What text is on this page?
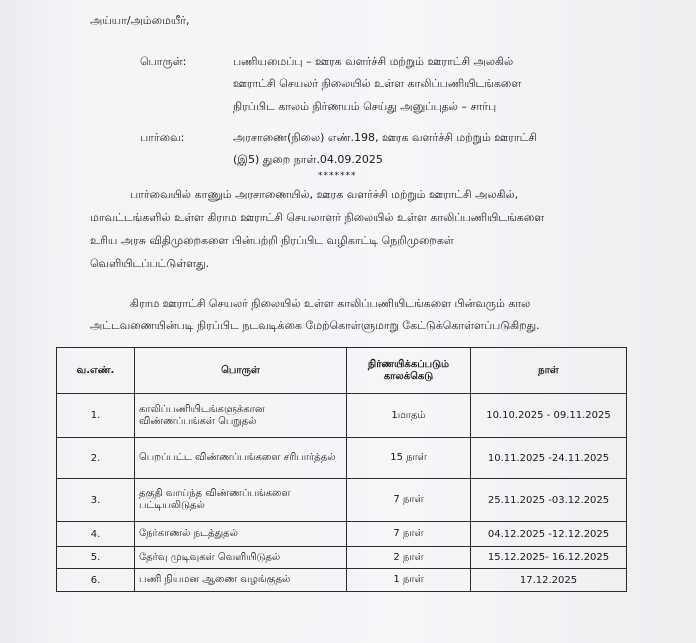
அய்யா/அம்மையீர்,
பொருள்:	பணியமைப்பு – ஊரக வளர்ச்சி மற்றும் ஊராட்சி அலகில்
ஊராட்சி செயலர் நிலையில் உள்ள காலிப்பணியிடங்களை
நிரப்பிட காலம் நிர்ணயம் செய்து அனுப்புதல் – சார்பு
பார்வை:	அரசாணை(நிலை) எண்.198, ஊரக வளர்ச்சி மற்றும் ஊராட்சி
(இ5) துறை நாள்.04.09.2025
*******
பார்வையில் காணும் அரசாணையில், ஊரக வளர்ச்சி மற்றும் ஊராட்சி அலகில்,
மாவட்டங்களில் உள்ள கிராம ஊராட்சி செயலாளர் நிலையில் உள்ள காலிப்பணியிடங்களை
உரிய அரசு விதிமுறைகளை பின்பற்றி நிரப்பிட வழிகாட்டி நெறிமுறைகள்
வெளியிடப்பட்டுள்ளது.
கிராம ஊராட்சி செயலர் நிலையில் உள்ள காலிப்பணியிடங்களை பின்வரும் கால
அட்டவணையின்படி நிரப்பிட நடவடிக்கை மேற்கொள்ளுமாறு கேட்டுக்கொள்ளப்படுகிறது.
வ.எண்.	பொருள்	நிர்ணயிக்கப்படும் காலக்கெடு	நாள்
1.	காலிப்பணியிடங்களுக்கான விண்ணப்பங்கள் பெறுதல்	1மாதம்	10.10.2025 - 09.11.2025
2.	பெறப்பட்ட விண்ணப்பங்களை சரிபார்த்தல்	15 நாள்	10.11.2025 -24.11.2025
3.	தகுதி வாய்ந்த விண்ணப்பங்களை பட்டியலிடுதல்	7 நாள்	25.11.2025 -03.12.2025
4.	நேர்காணல் நடத்துதல்	7 நாள்	04.12.2025 -12.12.2025
5.	தேர்வு முடிவுகள் வெளியிடுதல்	2 நாள்	15.12.2025- 16.12.2025
6.	பணி நியமன ஆணை வழங்குதல்	1 நாள்	17.12.2025
